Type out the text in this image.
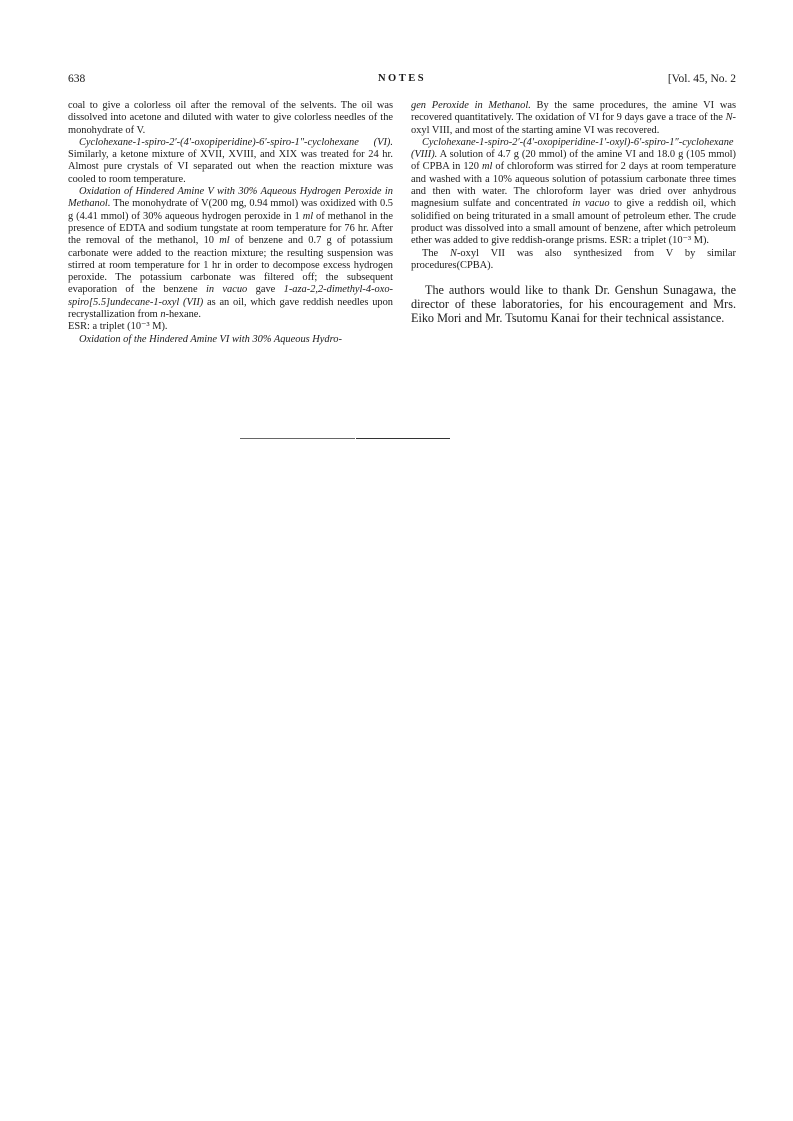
638	NOTES	[Vol. 45, No. 2

coal to give a colorless oil after the removal of the selvents. The oil was dissolved into acetone and diluted with water to give colorless needles of the monohydrate of V.

Cyclohexane-1-spiro-2′-(4′-oxopiperidine)-6′-spiro-1″-cyclohexane (VI). Similarly, a ketone mixture of XVII, XVIII, and XIX was treated for 24 hr. Almost pure crystals of VI separated out when the reaction mixture was cooled to room temperature.

Oxidation of Hindered Amine V with 30% Aqueous Hydrogen Peroxide in Methanol. The monohydrate of V(200 mg, 0.94 mmol) was oxidized with 0.5 g (4.41 mmol) of 30% aqueous hydrogen peroxide in 1 ml of methanol in the presence of EDTA and sodium tungstate at room temperature for 76 hr. After the removal of the methanol, 10 ml of benzene and 0.7 g of potassium carbonate were added to the reaction mixture; the resulting suspension was stirred at room temperature for 1 hr in order to decompose excess hydrogen peroxide. The potassium carbonate was filtered off; the subsequent evaporation of the benzene in vacuo gave 1-aza-2,2-dimethyl-4-oxo-spiro[5.5]undecane-1-oxyl (VII) as an oil, which gave reddish needles upon recrystallization from n-hexane.

ESR: a triplet (10⁻³ M).

Oxidation of the Hindered Amine VI with 30% Aqueous Hydro-

gen Peroxide in Methanol. By the same procedures, the amine VI was recovered quantitatively. The oxidation of VI for 9 days gave a trace of the N-oxyl VIII, and most of the starting amine VI was recovered.

Cyclohexane-1-spiro-2′-(4′-oxopiperidine-1′-oxyl)-6′-spiro-1″-cyclohexane (VIII). A solution of 4.7 g (20 mmol) of the amine VI and 18.0 g (105 mmol) of CPBA in 120 ml of chloroform was stirred for 2 days at room temperature and washed with a 10% aqueous solution of potassium carbonate three times and then with water. The chloroform layer was dried over anhydrous magnesium sulfate and concentrated in vacuo to give a reddish oil, which solidified on being triturated in a small amount of petroleum ether. The crude product was dissolved into a small amount of benzene, after which petroleum ether was added to give reddish-orange prisms. ESR: a triplet (10⁻³ M).

The N-oxyl VII was also synthesized from V by similar procedures(CPBA).

The authors would like to thank Dr. Genshun Sunagawa, the director of these laboratories, for his encouragement and Mrs. Eiko Mori and Mr. Tsutomu Kanai for their technical assistance.
